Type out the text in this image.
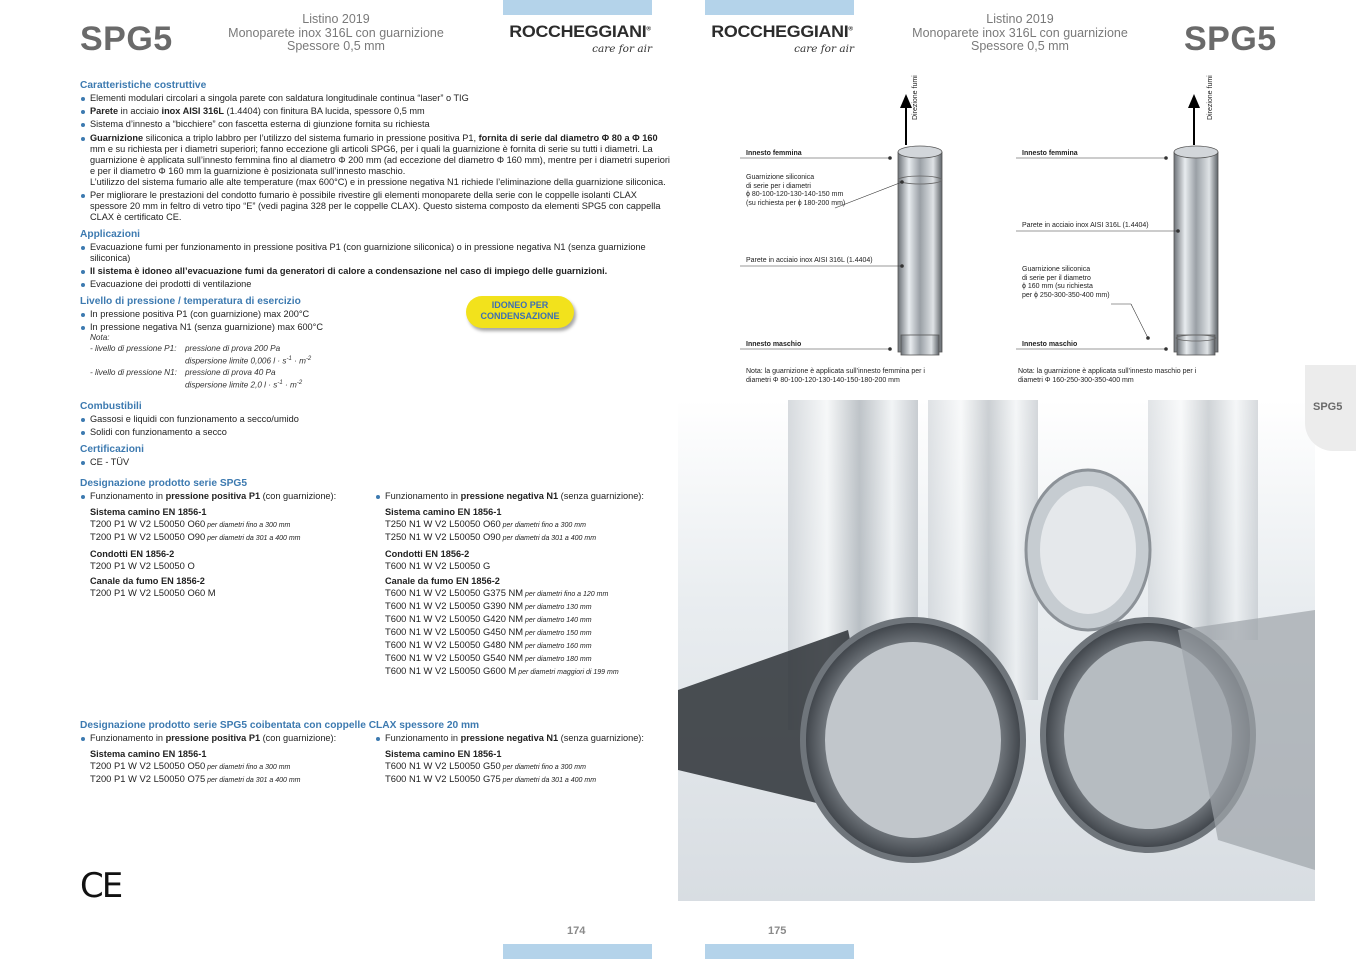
174	175
SPG5
Listino 2019
Monoparete inox 316L con guarnizione
Spessore 0,5 mm
ROCCHEGGIANI®
care for air
ROCCHEGGIANI®
care for air
Listino 2019
Monoparete inox 316L con guarnizione
Spessore 0,5 mm	SPG5
Caratteristiche costruttive
Elementi modulari circolari a singola parete con saldatura longitudinale continua “laser” o TIG
Parete in acciaio inox AISI 316L (1.4404) con finitura BA lucida, spessore 0,5 mm
Sistema d’innesto a “bicchiere” con fascetta esterna di giunzione fornita su richiesta
Guarnizione siliconica a triplo labbro per l’utilizzo del sistema fumario in pressione positiva P1, fornita di serie dal diametro Φ 80 a Φ 160 mm e su richiesta per i diametri superiori; fanno eccezione gli articoli SPG6, per i quali la guarnizione è fornita di serie su tutti i diametri. La guarnizione è applicata sull’innesto femmina fino al diametro Φ 200 mm (ad eccezione del diametro Φ 160 mm), mentre per i diametri superiori e per il diametro Φ 160 mm la guarnizione è posizionata sull’innesto maschio.
L’utilizzo del sistema fumario alle alte temperature (max 600°C) e in pressione negativa N1 richiede l’eliminazione della guarnizione siliconica.
Per migliorare le prestazioni del condotto fumario è possibile rivestire gli elementi monoparete della serie con le coppelle isolanti CLAX spessore 20 mm in feltro di vetro tipo “E” (vedi pagina 328 per le coppelle CLAX). Questo sistema composto da elementi SPG5 con cappella CLAX è certificato CE.
Applicazioni
Evacuazione fumi per funzionamento in pressione positiva P1 (con guarnizione siliconica) o in pressione negativa N1 (senza guarnizione siliconica)
Il sistema è idoneo all’evacuazione fumi da generatori di calore a condensazione nel caso di impiego delle guarnizioni.
Evacuazione dei prodotti di ventilazione
Livello di pressione / temperatura di esercizio
In pressione positiva P1 (con guarnizione) max 200°C
In pressione negativa N1 (senza guarnizione) max 600°C
Nota:
- livello di pressione P1:	pressione di prova 200 Pa
dispersione limite 0,006 $l \cdot s^{-1} \cdot m^{-2}$
- livello di pressione N1: pressione di prova 40 Pa
dispersione limite 2,0 $l \cdot s^{-1} \cdot m^{-2}$
Combustibili
Gassosi e liquidi con funzionamento a secco/umido
Solidi con funzionamento a secco
Certificazioni
CE - TÜV
Designazione prodotto serie SPG5
Funzionamento in pressione positiva P1 (con guarnizione):
Sistema camino EN 1856-1
T200 P1 W V2 L50050 O60 per diametri fino a 300 mm
T200 P1 W V2 L50050 O90 per diametri da 301 a 400 mm
Condotti EN 1856-2
T200 P1 W V2 L50050 O
Canale da fumo EN 1856-2
T200 P1 W V2 L50050 O60 M
Funzionamento in pressione negativa N1 (senza guarnizione):
Sistema camino EN 1856-1
T250 N1 W V2 L50050 O60 per diametri fino a 300 mm
T250 N1 W V2 L50050 O90 per diametri da 301 a 400 mm
Condotti EN 1856-2
T600 N1 W V2 L50050 G
Canale da fumo EN 1856-2
T600 N1 W V2 L50050 G375 NM per diametri fino a 120 mm
T600 N1 W V2 L50050 G390 NM per diametro 130 mm
T600 N1 W V2 L50050 G420 NM per diametro 140 mm
T600 N1 W V2 L50050 G450 NM per diametro 150 mm
T600 N1 W V2 L50050 G480 NM per diametro 160 mm
T600 N1 W V2 L50050 G540 NM per diametro 180 mm
T600 N1 W V2 L50050 G600 M per diametri maggiori di 199 mm
Designazione prodotto serie SPG5 coibentata con coppelle CLAX spessore 20 mm
Funzionamento in pressione positiva P1 (con guarnizione):
Sistema camino EN 1856-1
T200 P1 W V2 L50050 O50 per diametri fino a 300 mm
T200 P1 W V2 L50050 O75 per diametri da 301 a 400 mm
Funzionamento in pressione negativa N1 (senza guarnizione):
Sistema camino EN 1856-1
T600 N1 W V2 L50050 G50 per diametri fino a 300 mm
T600 N1 W V2 L50050 G75 per diametri da 301 a 400 mm
IDONEO PER
CONDENSAZIONE
CE
Direzione fumi
Innesto femmina
Guarnizione siliconica
di serie per i diametri
ϕ 80-100-120-130-140-150 mm
(su richiesta per ϕ 180-200 mm)
Parete in acciaio inox AISI 316L (1.4404)
Innesto maschio
Nota: la guarnizione è applicata sull’innesto femmina per i
diametri Φ 80-100-120-130-140-150-180-200 mm
Direzione fumi
Innesto femmina
Parete in acciaio inox AISI 316L (1.4404)
Guarnizione siliconica
di serie per il diametro
ϕ 160 mm (su richiesta
per ϕ 250-300-350-400 mm)
Innesto maschio
Nota: la guarnizione è applicata sull’innesto maschio per i
diametri Φ 160-250-300-350-400 mm
SPG5
